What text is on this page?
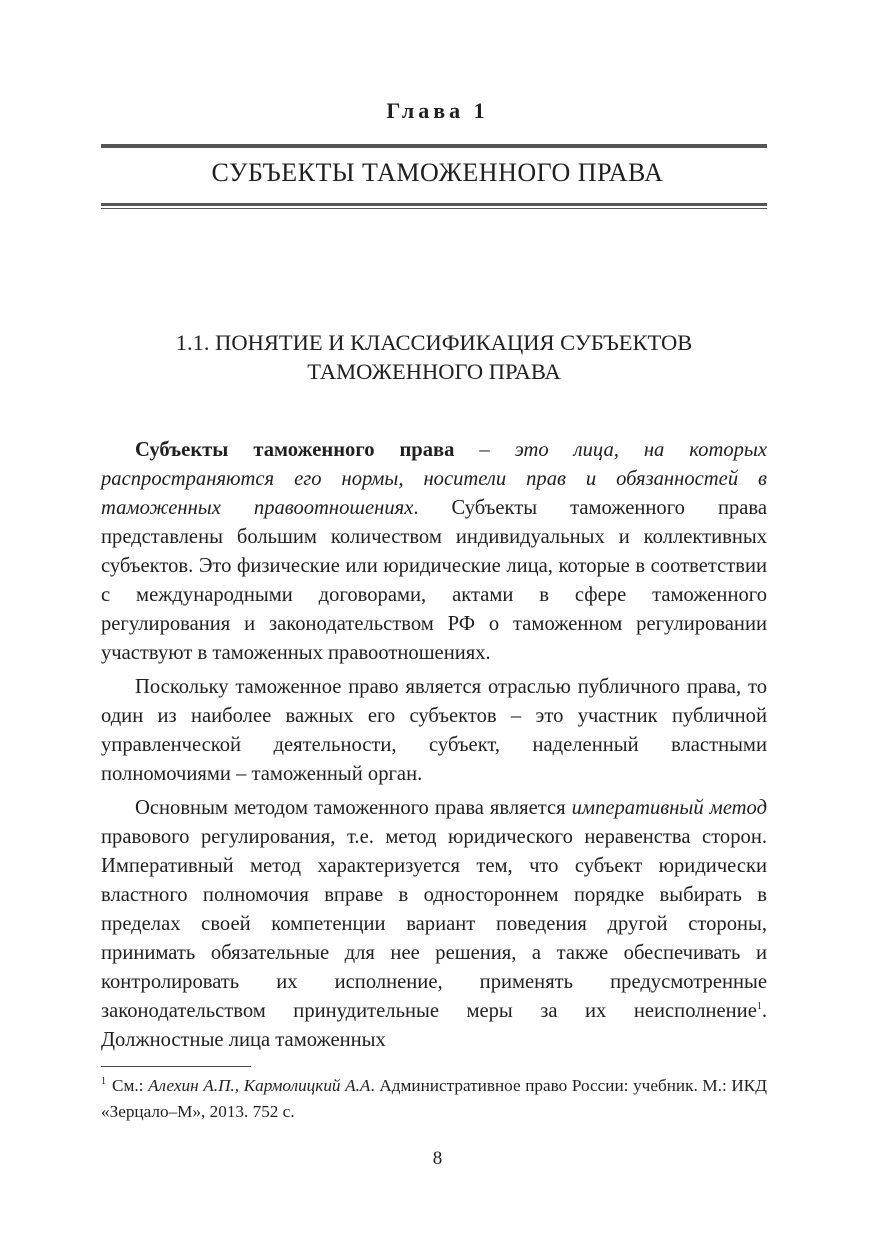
Глава 1
СУБЪЕКТЫ ТАМОЖЕННОГО ПРАВА
1.1. ПОНЯТИЕ И КЛАССИФИКАЦИЯ СУБЪЕКТОВ
ТАМОЖЕННОГО ПРАВА

Субъекты таможенного права – это лица, на которых распространяются его нормы, носители прав и обязанностей в таможенных правоотношениях. Субъекты таможенного права представлены большим количеством индивидуальных и коллективных субъектов. Это физические или юридические лица, которые в соответствии с международными договорами, актами в сфере таможенного регулирования и законодательством РФ о таможенном регулировании участвуют в таможенных правоотношениях.

Поскольку таможенное право является отраслью публичного права, то один из наиболее важных его субъектов – это участник публичной управленческой деятельности, субъект, наделенный властными полномочиями – таможенный орган.

Основным методом таможенного права является императивный метод правового регулирования, т.е. метод юридического неравенства сторон. Императивный метод характеризуется тем, что субъект юридически властного полномочия вправе в одностороннем порядке выбирать в пределах своей компетенции вариант поведения другой стороны, принимать обязательные для нее решения, а также обеспечивать и контролировать их исполнение, применять предусмотренные законодательством принудительные меры за их неисполнение$^1$. Должностные лица таможенных

$^1$ См.: Алехин А.П., Кармолицкий А.А. Административное право России: учебник. М.: ИКД «Зерцало–М», 2013. 752 с.
8
